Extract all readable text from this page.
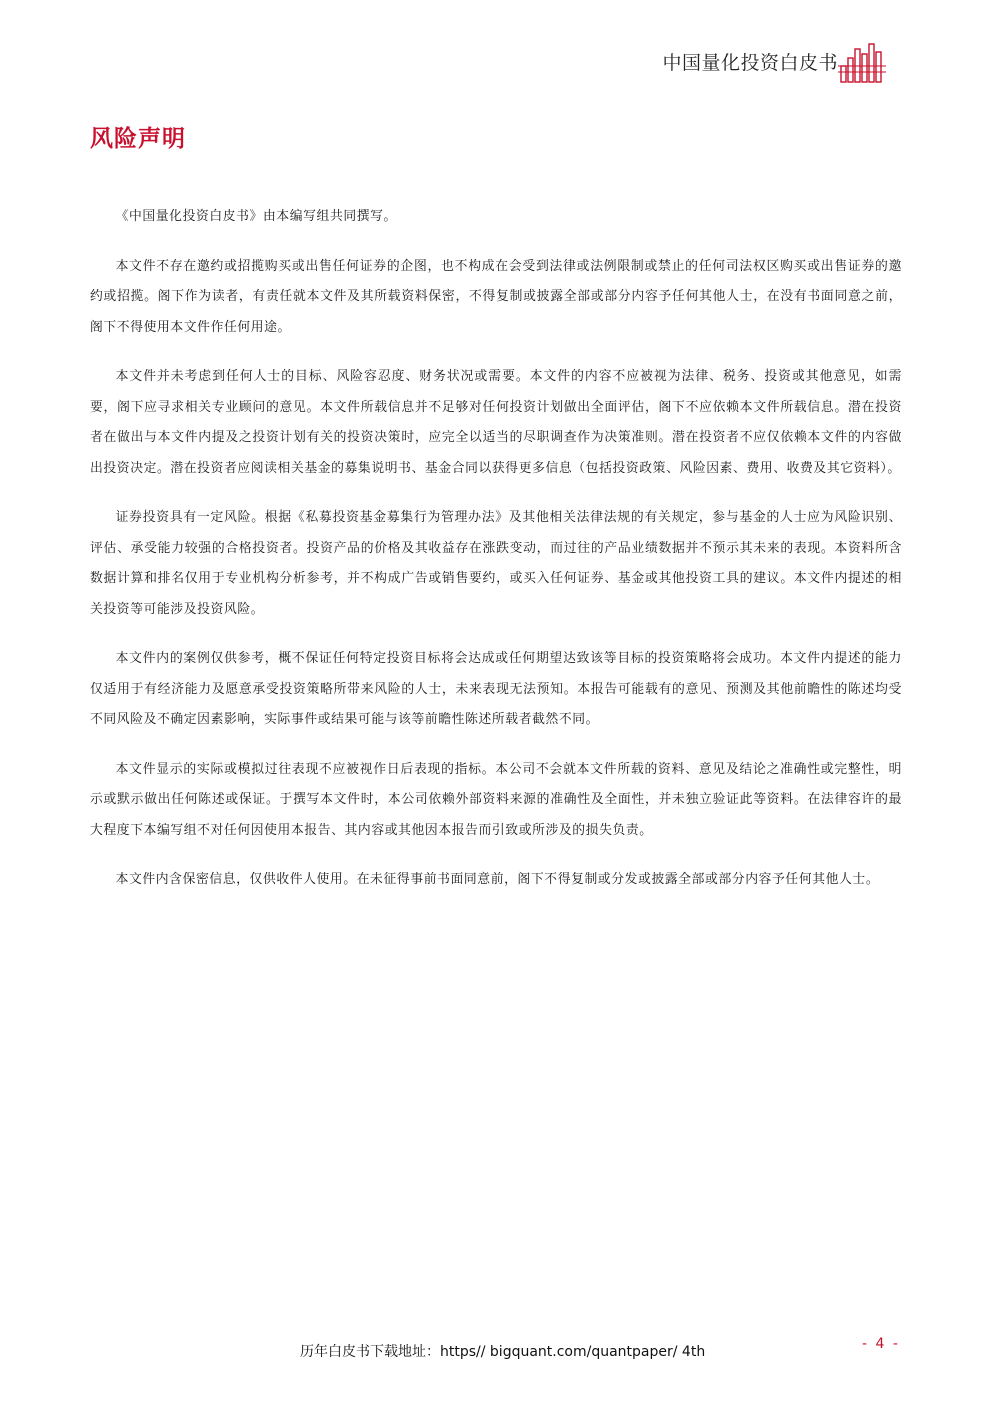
中国量化投资白皮书
风险声明

《中国量化投资白皮书》由本编写组共同撰写。

本文件不存在邀约或招揽购买或出售任何证券的企图，也不构成在会受到法律或法例限制或禁止的任何司法权区购买或出售证券的邀约或招揽。阁下作为读者，有责任就本文件及其所载资料保密，不得复制或披露全部或部分内容予任何其他人士，在没有书面同意之前，阁下不得使用本文件作任何用途。

本文件并未考虑到任何人士的目标、风险容忍度、财务状况或需要。本文件的内容不应被视为法律、税务、投资或其他意见，如需要，阁下应寻求相关专业顾问的意见。本文件所载信息并不足够对任何投资计划做出全面评估，阁下不应依赖本文件所载信息。潜在投资者在做出与本文件内提及之投资计划有关的投资决策时，应完全以适当的尽职调查作为决策准则。潜在投资者不应仅依赖本文件的内容做出投资决定。潜在投资者应阅读相关基金的募集说明书、基金合同以获得更多信息（包括投资政策、风险因素、费用、收费及其它资料）。

证券投资具有一定风险。根据《私募投资基金募集行为管理办法》及其他相关法律法规的有关规定，参与基金的人士应为风险识别、评估、承受能力较强的合格投资者。投资产品的价格及其收益存在涨跌变动，而过往的产品业绩数据并不预示其未来的表现。本资料所含数据计算和排名仅用于专业机构分析参考，并不构成广告或销售要约，或买入任何证券、基金或其他投资工具的建议。本文件内提述的相关投资等可能涉及投资风险。

本文件内的案例仅供参考，概不保证任何特定投资目标将会达成或任何期望达致该等目标的投资策略将会成功。本文件内提述的能力仅适用于有经济能力及愿意承受投资策略所带来风险的人士，未来表现无法预知。本报告可能载有的意见、预测及其他前瞻性的陈述均受不同风险及不确定因素影响，实际事件或结果可能与该等前瞻性陈述所载者截然不同。

本文件显示的实际或模拟过往表现不应被视作日后表现的指标。本公司不会就本文件所载的资料、意见及结论之准确性或完整性，明示或默示做出任何陈述或保证。于撰写本文件时，本公司依赖外部资料来源的准确性及全面性，并未独立验证此等资料。在法律容许的最大程度下本编写组不对任何因使用本报告、其内容或其他因本报告而引致或所涉及的损失负责。

本文件内含保密信息，仅供收件人使用。在未征得事前书面同意前，阁下不得复制或分发或披露全部或部分内容予任何其他人士。

历年白皮书下载地址：https// bigquant.com/quantpaper/ 4th	- 4 -
